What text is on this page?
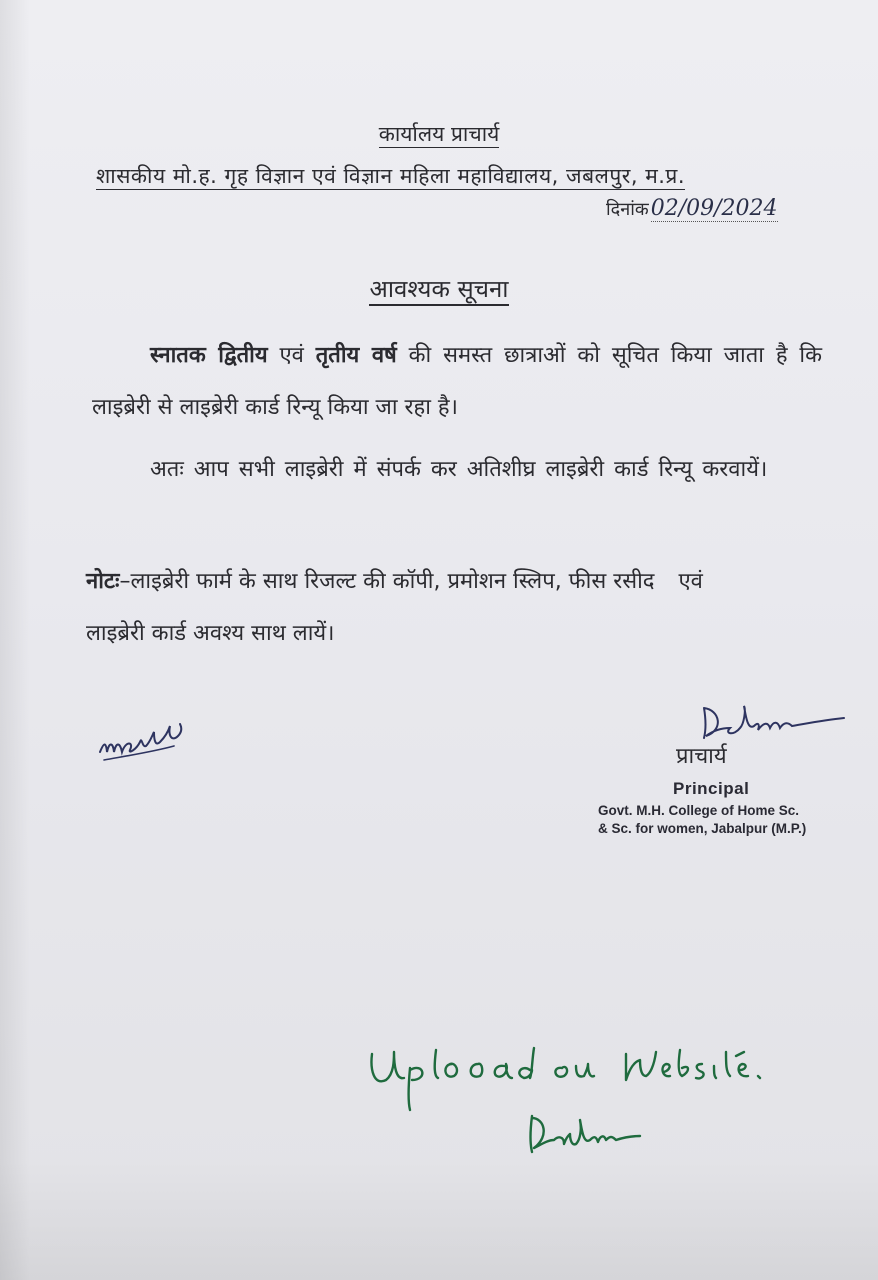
कार्यालय प्राचार्य

शासकीय मो.ह. गृह विज्ञान एवं विज्ञान महिला महाविद्यालय, जबलपुर, म.प्र.
दिनांक02/09/2024
आवश्यक सूचना

स्नातक द्वितीय एवं तृतीय वर्ष की समस्त छात्राओं को सूचित किया जाता है कि लाइब्रेरी से लाइब्रेरी कार्ड रिन्यू किया जा रहा है।

अतः आप सभी लाइब्रेरी में संपर्क कर अतिशीघ्र लाइब्रेरी कार्ड रिन्यू करवायें।

नोटः–लाइब्रेरी फार्म के साथ रिजल्ट की कॉपी, प्रमोशन स्लिप, फीस रसीद एवं लाइब्रेरी कार्ड अवश्य साथ लायें।

प्राचार्य

Principal
Govt. M.H. College of Home Sc.
& Sc. for women, Jabalpur (M.P.)
